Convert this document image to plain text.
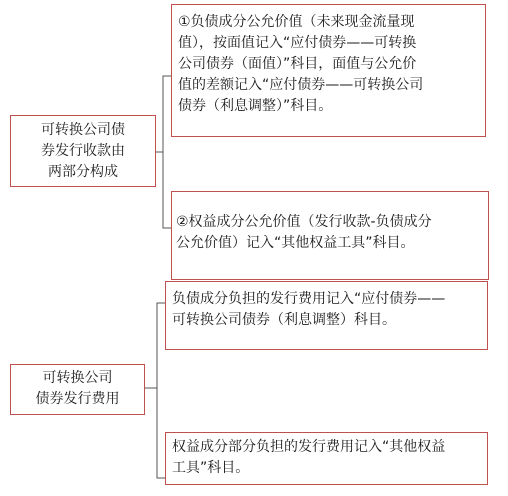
可转换公司债
券发行收款由
两部分构成
①负债成分公允价值（未来现金流量现
值），按面值记入“应付债券——可转换
公司债券（面值）”科目，面值与公允价
值的差额记入“应付债券——可转换公司
债券（利息调整）”科目。
②权益成分公允价值（发行收款-负债成分
公允价值）记入“其他权益工具”科目。
可转换公司
债券发行费用
负债成分负担的发行费用记入“应付债券——
可转换公司债券（利息调整）科目。
权益成分部分负担的发行费用记入“其他权益
工具”科目。
